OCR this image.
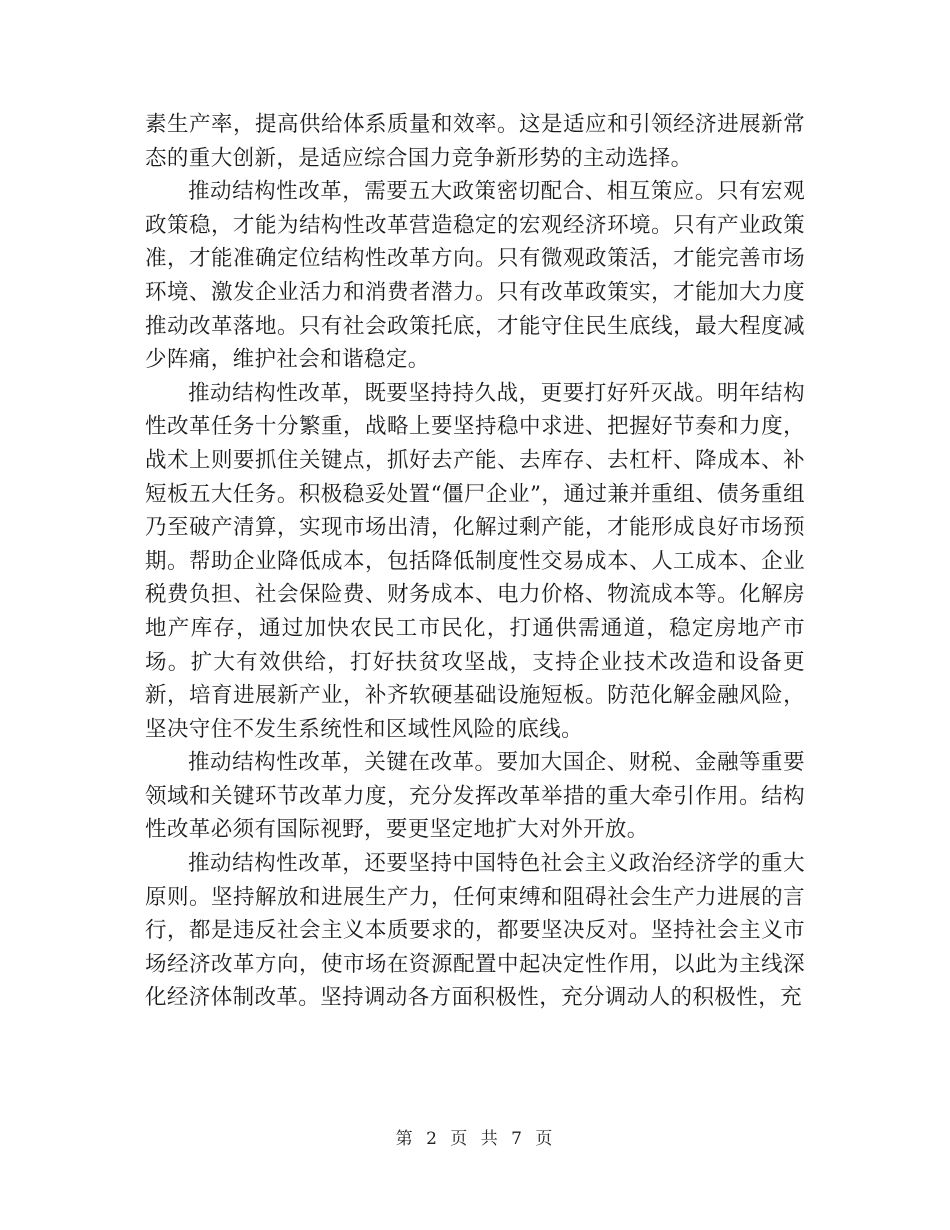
素生产率，提高供给体系质量和效率。这是适应和引领经济进展新常态的重大创新，是适应综合国力竞争新形势的主动选择。

推动结构性改革，需要五大政策密切配合、相互策应。只有宏观政策稳，才能为结构性改革营造稳定的宏观经济环境。只有产业政策准，才能准确定位结构性改革方向。只有微观政策活，才能完善市场环境、激发企业活力和消费者潜力。只有改革政策实，才能加大力度推动改革落地。只有社会政策托底，才能守住民生底线，最大程度减少阵痛，维护社会和谐稳定。

推动结构性改革，既要坚持持久战，更要打好歼灭战。明年结构性改革任务十分繁重，战略上要坚持稳中求进、把握好节奏和力度，战术上则要抓住关键点，抓好去产能、去库存、去杠杆、降成本、补短板五大任务。积极稳妥处置“僵尸企业”，通过兼并重组、债务重组乃至破产清算，实现市场出清，化解过剩产能，才能形成良好市场预期。帮助企业降低成本，包括降低制度性交易成本、人工成本、企业税费负担、社会保险费、财务成本、电力价格、物流成本等。化解房地产库存，通过加快农民工市民化，打通供需通道，稳定房地产市场。扩大有效供给，打好扶贫攻坚战，支持企业技术改造和设备更新，培育进展新产业，补齐软硬基础设施短板。防范化解金融风险，坚决守住不发生系统性和区域性风险的底线。

推动结构性改革，关键在改革。要加大国企、财税、金融等重要领域和关键环节改革力度，充分发挥改革举措的重大牵引作用。结构性改革必须有国际视野，要更坚定地扩大对外开放。

推动结构性改革，还要坚持中国特色社会主义政治经济学的重大原则。坚持解放和进展生产力，任何束缚和阻碍社会生产力进展的言行，都是违反社会主义本质要求的，都要坚决反对。坚持社会主义市场经济改革方向，使市场在资源配置中起决定性作用，以此为主线深化经济体制改革。坚持调动各方面积极性，充分调动人的积极性，充

第 2 页 共 7 页
